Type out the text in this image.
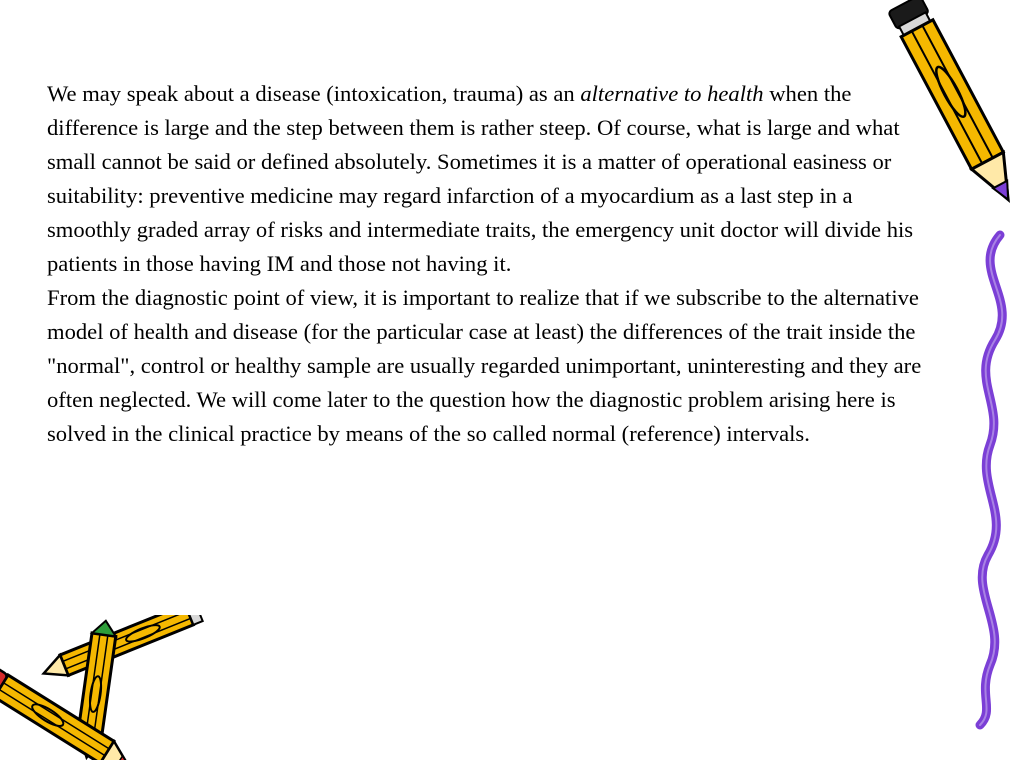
We may speak about a disease (intoxication, trauma) as an alternative to health when the difference is large and the step between them is rather steep. Of course, what is large and what small cannot be said or defined absolutely. Sometimes it is a matter of operational easiness or suitability: preventive medicine may regard infarction of a myocardium as a last step in a smoothly graded array of risks and intermediate traits, the emergency unit doctor will divide his patients in those having IM and those not having it.

From the diagnostic point of view, it is important to realize that if we subscribe to the alternative model of health and disease (for the particular case at least) the differences of the trait inside the "normal", control or healthy sample are usually regarded unimportant, uninteresting and they are often neglected. We will come later to the question how the diagnostic problem arising here is solved in the clinical practice by means of the so called normal (reference) intervals.
